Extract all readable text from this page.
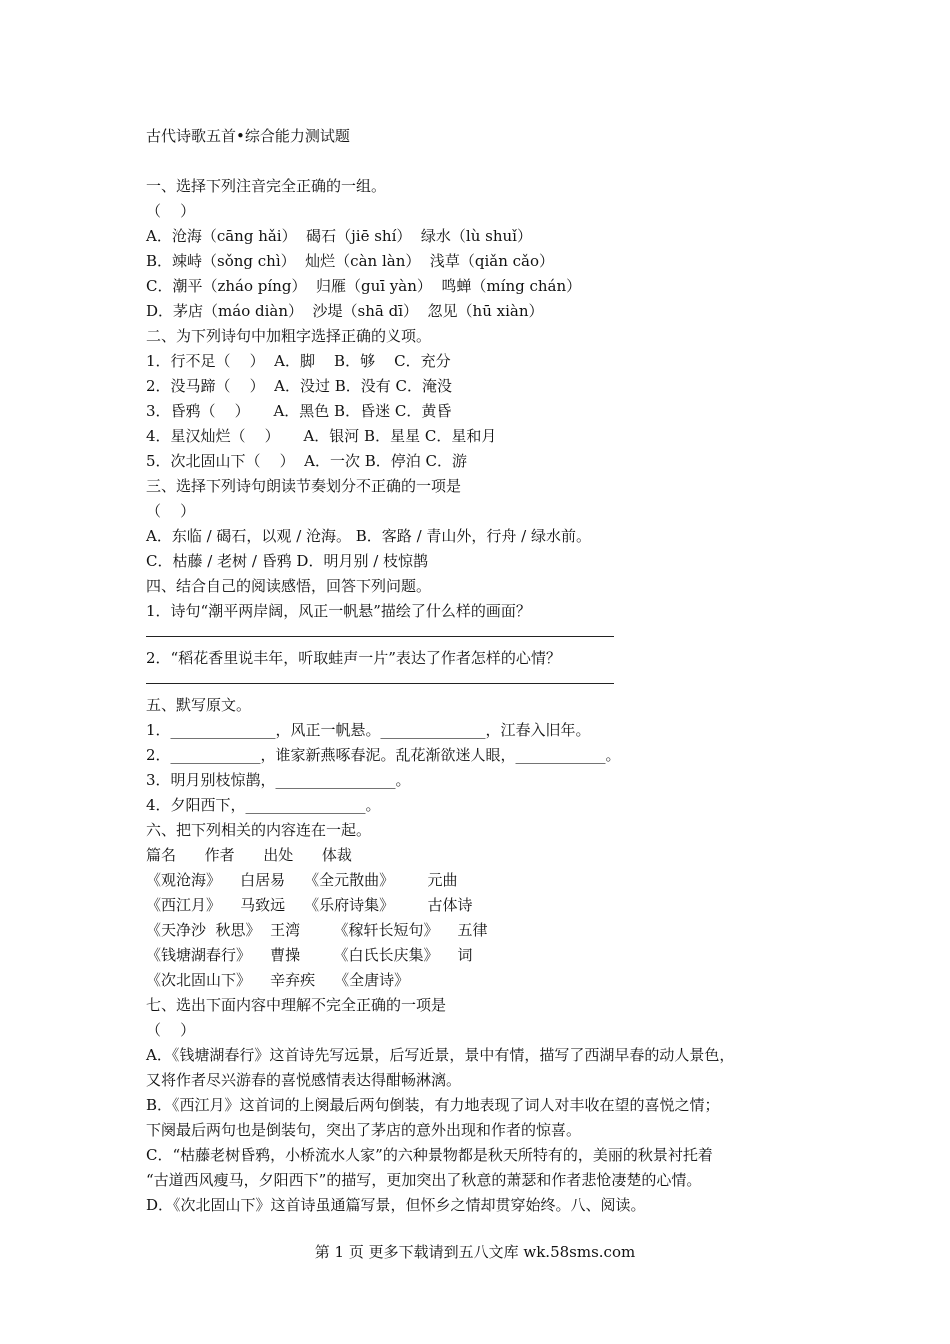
古代诗歌五首•综合能力测试题
一、选择下列注音完全正确的一组。
（    ）
A．沧海（cāng hǎi）  碣石（jiē shí）  绿水（lù shuǐ）
B．竦峙（sǒng chì）  灿烂（càn làn）  浅草（qiǎn cǎo）
C．潮平（zháo píng）  归雁（guī yàn）  鸣蝉（míng chán）
D．茅店（máo diàn）  沙堤（shā dī）  忽见（hū xiàn）
二、为下列诗句中加粗字选择正确的义项。
1．行不足（    ）  A．脚    B．够    C．充分
2．没马蹄（    ）  A．没过 B．没有 C．淹没
3．昏鸦（    ）     A．黑色 B．昏迷 C．黄昏
4．星汉灿烂（    ）     A．银河 B．星星 C．星和月
5．次北固山下（    ）  A．一次 B．停泊 C．游
三、选择下列诗句朗读节奏划分不正确的一项是
（    ）
A．东临 / 碣石，以观 / 沧海。 B．客路 / 青山外，行舟 / 绿水前。
C．枯藤 / 老树 / 昏鸦 D．明月别 / 枝惊鹊
四、结合自己的阅读感悟，回答下列问题。
1．诗句“潮平两岸阔，风正一帆悬”描绘了什么样的画面？
2．“稻花香里说丰年，听取蛙声一片”表达了作者怎样的心情？
五、默写原文。
1．______________，风正一帆悬。______________，江春入旧年。
2．____________，谁家新燕啄春泥。乱花渐欲迷人眼，____________。
3．明月别枝惊鹊，________________。
4．夕阳西下，________________。
六、把下列相关的内容连在一起。
篇名      作者      出处      体裁
《观沧海》    白居易    《全元散曲》       元曲
《西江月》    马致远    《乐府诗集》       古体诗
《天净沙  秋思》  王湾       《稼轩长短句》    五律
《钱塘湖春行》    曹操       《白氏长庆集》    词
《次北固山下》    辛弃疾    《全唐诗》
七、选出下面内容中理解不完全正确的一项是
（    ）
A．《钱塘湖春行》这首诗先写远景，后写近景，景中有情，描写了西湖早春的动人景色，
又将作者尽兴游春的喜悦感情表达得酣畅淋漓。
B．《西江月》这首词的上阕最后两句倒装，有力地表现了词人对丰收在望的喜悦之情；
下阕最后两句也是倒装句，突出了茅店的意外出现和作者的惊喜。
C．“枯藤老树昏鸦，小桥流水人家”的六种景物都是秋天所特有的，美丽的秋景衬托着
“古道西风瘦马，夕阳西下”的描写，更加突出了秋意的萧瑟和作者悲怆凄楚的心情。
D．《次北固山下》这首诗虽通篇写景，但怀乡之情却贯穿始终。八、阅读。
第 1 页 更多下载请到五八文库 wk.58sms.com
